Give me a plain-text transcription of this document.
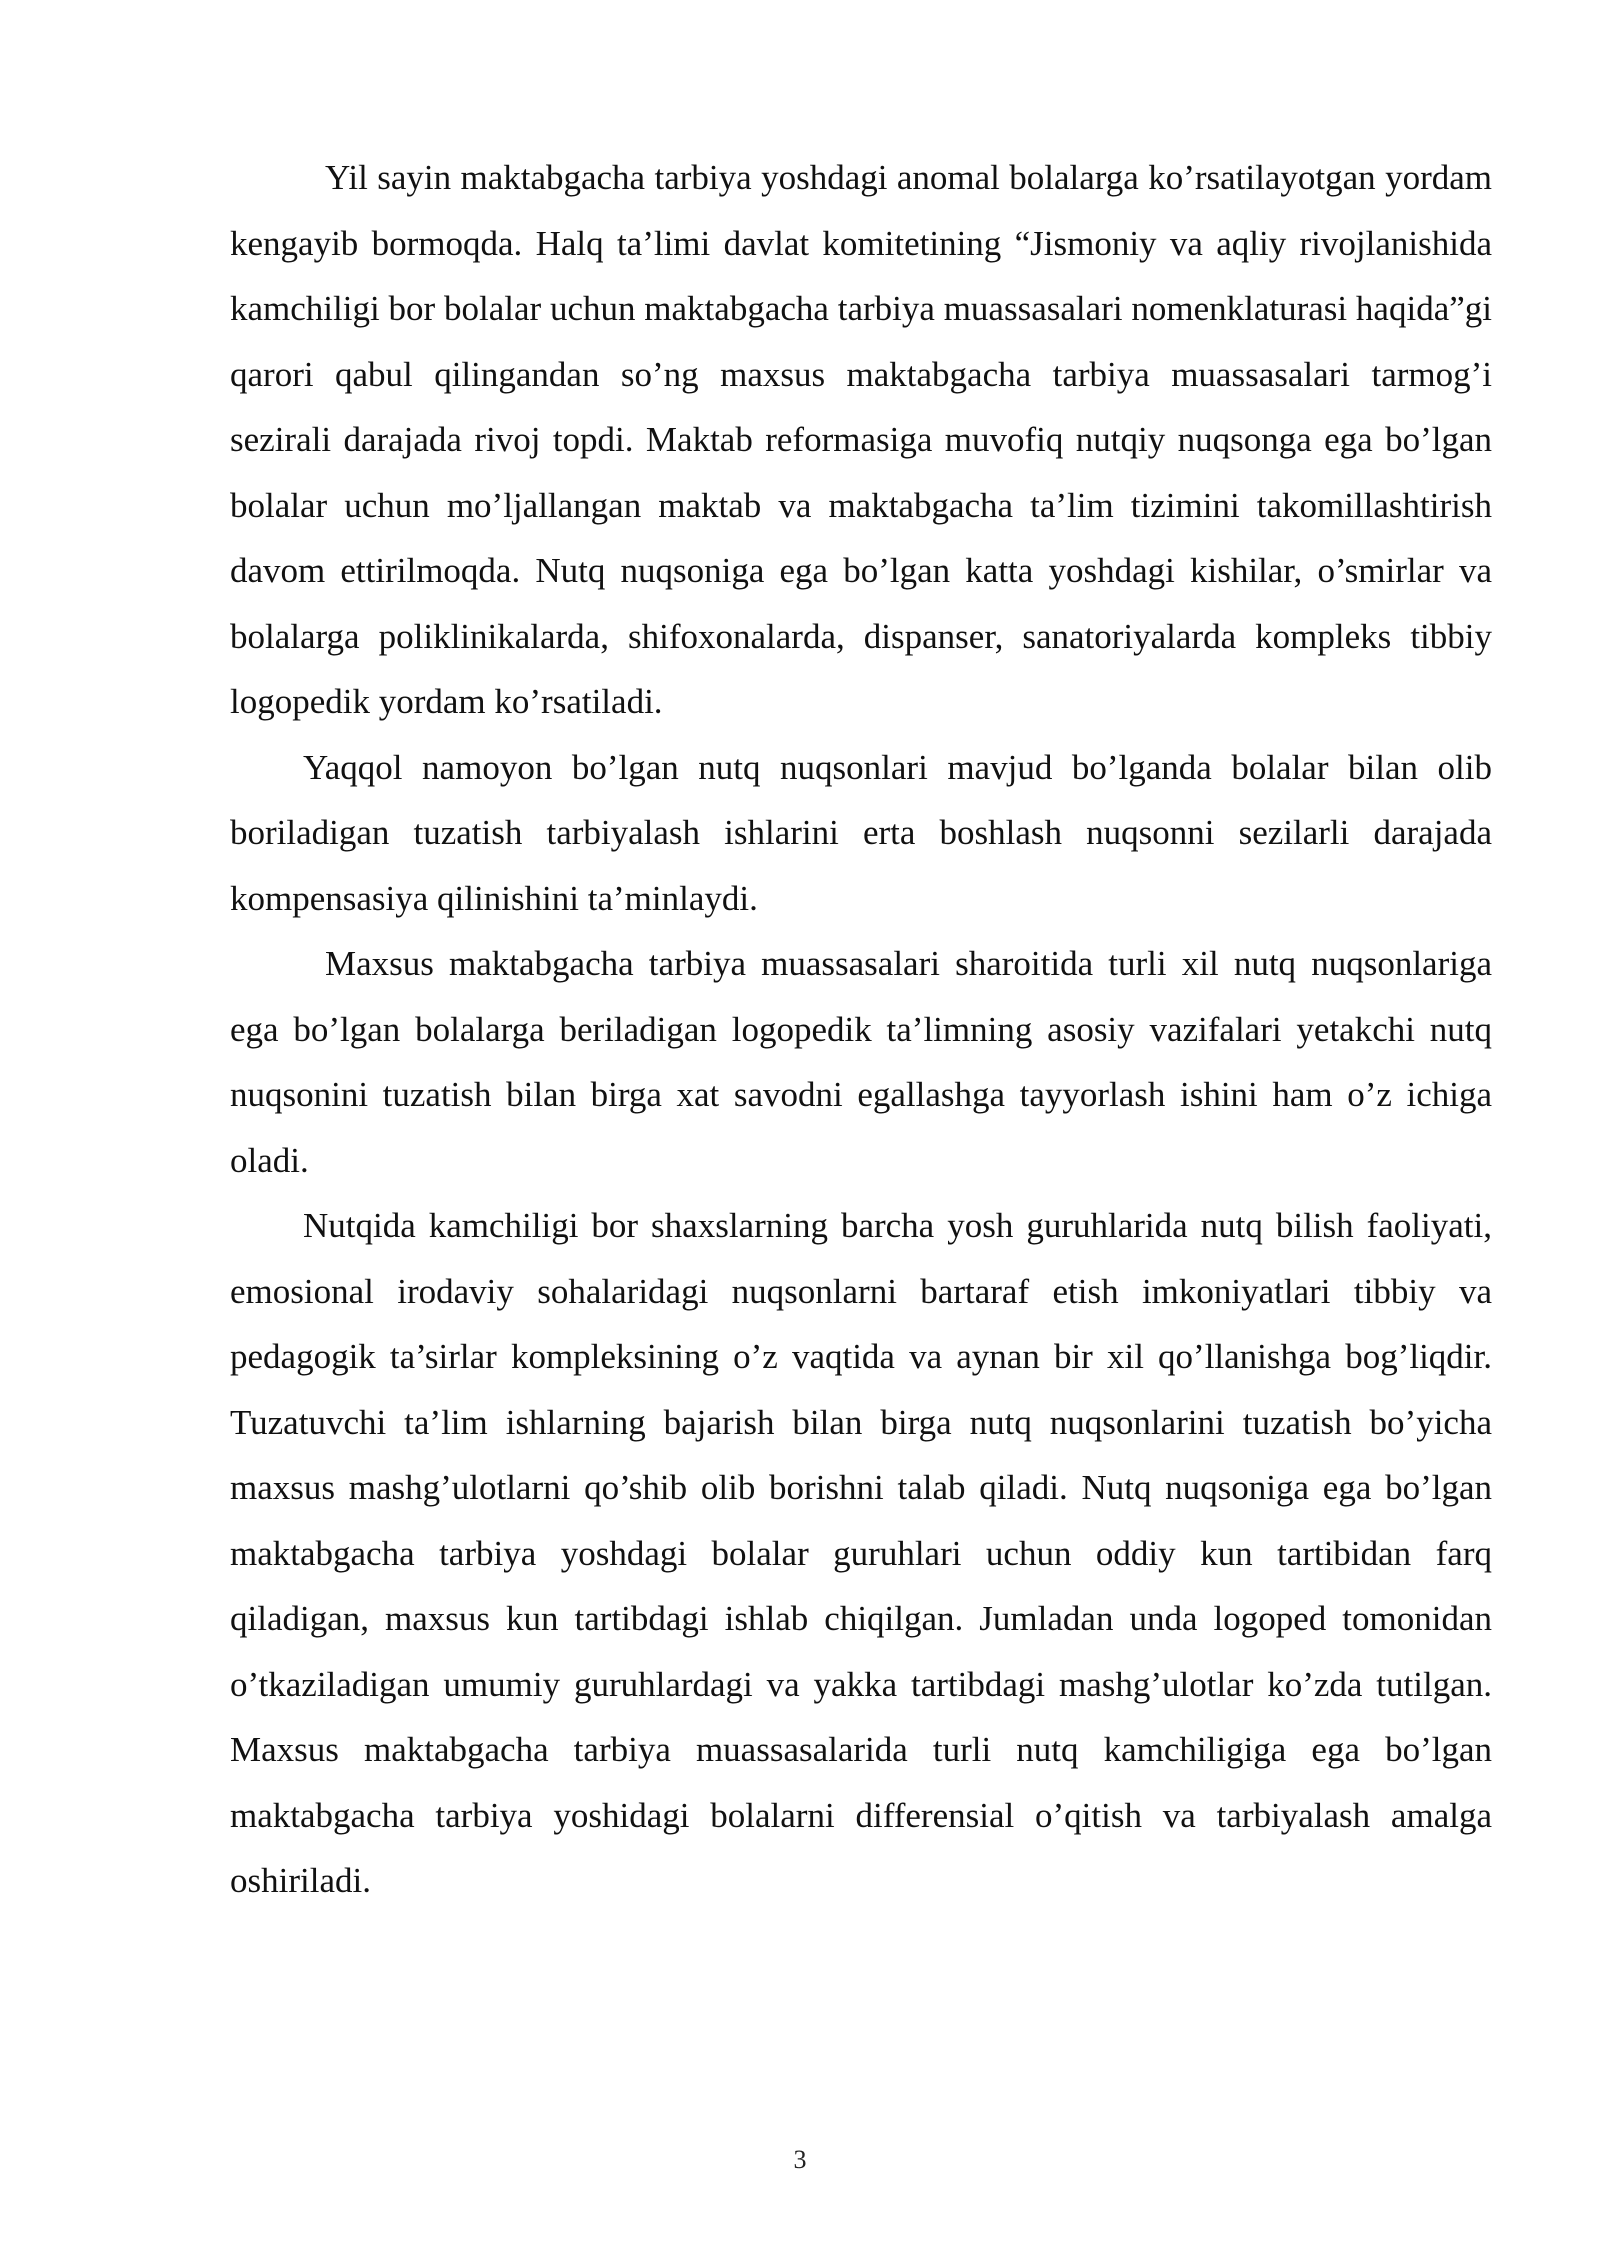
Yil sayin maktabgacha tarbiya yoshdagi anomal bolalarga ko’rsatilayotgan yordam kengayib bormoqda. Halq ta’limi davlat komitetining “Jismoniy va aqliy rivojlanishida kamchiligi bor bolalar uchun maktabgacha tarbiya muassasalari nomenklaturasi haqida”gi qarori qabul qilingandan so’ng maxsus maktabgacha tarbiya muassasalari tarmog’i sezirali darajada rivoj topdi. Maktab reformasiga muvofiq nutqiy nuqsonga ega bo’lgan bolalar uchun mo’ljallangan maktab va maktabgacha ta’lim tizimini takomillashtirish davom ettirilmoqda. Nutq nuqsoniga ega bo’lgan katta yoshdagi kishilar, o’smirlar va bolalarga poliklinikalarda, shifoxonalarda, dispanser, sanatoriyalarda kompleks tibbiy logopedik yordam ko’rsatiladi.

Yaqqol namoyon bo’lgan nutq nuqsonlari mavjud bo’lganda bolalar bilan olib boriladigan tuzatish tarbiyalash ishlarini erta boshlash nuqsonni sezilarli darajada kompensasiya qilinishini ta’minlaydi.

Maxsus maktabgacha tarbiya muassasalari sharoitida turli xil nutq nuqsonlariga ega bo’lgan bolalarga beriladigan logopedik ta’limning asosiy vazifalari yetakchi nutq nuqsonini tuzatish bilan birga xat savodni egallashga tayyorlash ishini ham o’z ichiga oladi.

Nutqida kamchiligi bor shaxslarning barcha yosh guruhlarida nutq bilish faoliyati, emosional irodaviy sohalaridagi nuqsonlarni bartaraf etish imkoniyatlari tibbiy va pedagogik ta’sirlar kompleksining o’z vaqtida va aynan bir xil qo’llanishga bog’liqdir. Tuzatuvchi ta’lim ishlarning bajarish bilan birga nutq nuqsonlarini tuzatish bo’yicha maxsus mashg’ulotlarni qo’shib olib borishni talab qiladi. Nutq nuqsoniga ega bo’lgan maktabgacha tarbiya yoshdagi bolalar guruhlari uchun oddiy kun tartibidan farq qiladigan, maxsus kun tartibdagi ishlab chiqilgan. Jumladan unda logoped tomonidan o’tkaziladigan umumiy guruhlardagi va yakka tartibdagi mashg’ulotlar ko’zda tutilgan. Maxsus maktabgacha tarbiya muassasalarida turli nutq kamchiligiga ega bo’lgan maktabgacha tarbiya yoshidagi bolalarni differensial o’qitish va tarbiyalash amalga oshiriladi.

3
